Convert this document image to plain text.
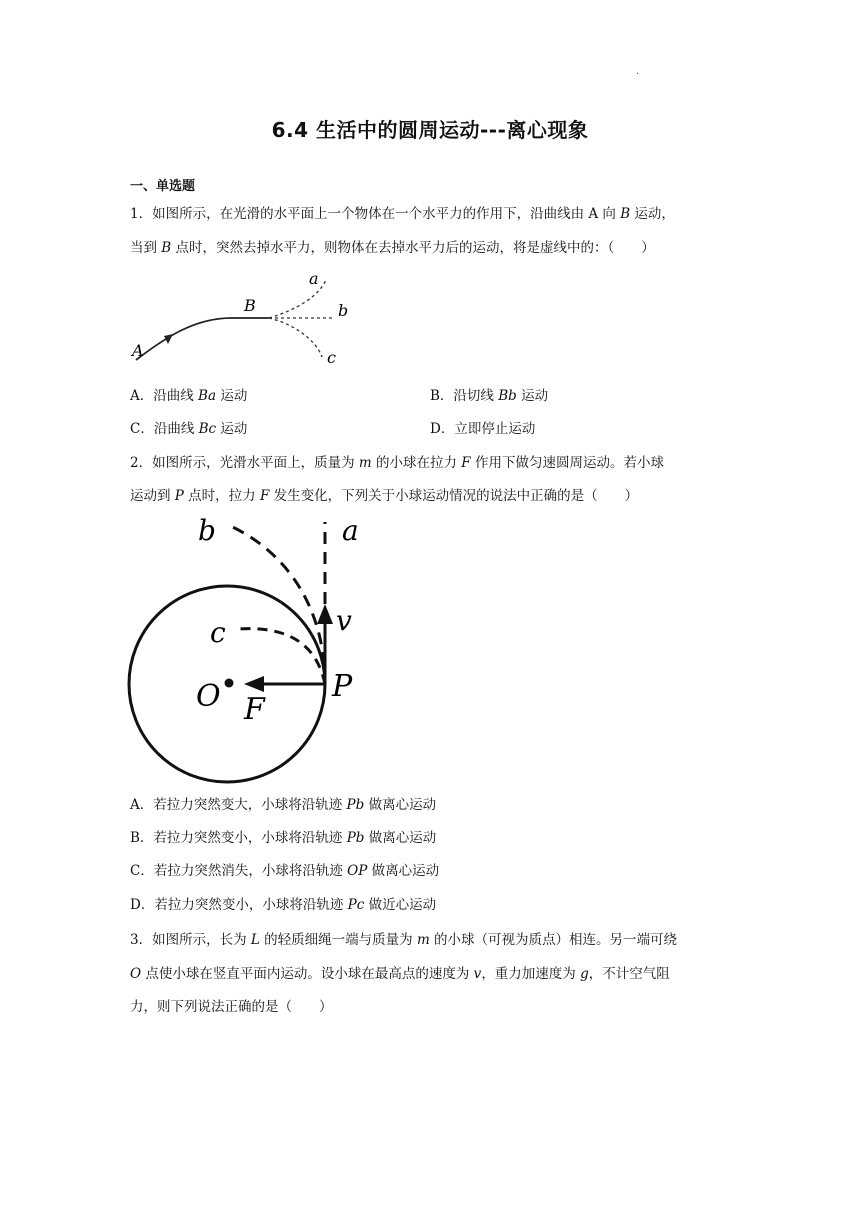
.
6.4 生活中的圆周运动---离心现象
一、单选题
1．如图所示，在光滑的水平面上一个物体在一个水平力的作用下，沿曲线由 A 向 B 运动，
当到 B 点时，突然去掉水平力，则物体在去掉水平力后的运动，将是虚线中的：（　　）
A
B
a
b
c
A．沿曲线 Ba 运动	B．沿切线 Bb 运动
C．沿曲线 Bc 运动	D．立即停止运动
2．如图所示，光滑水平面上，质量为 m 的小球在拉力 F 作用下做匀速圆周运动。若小球
运动到 P 点时，拉力 F 发生变化，下列关于小球运动情况的说法中正确的是（　　）
b	a
c	v
O F
P
A．若拉力突然变大，小球将沿轨迹 Pb 做离心运动
B．若拉力突然变小，小球将沿轨迹 Pb 做离心运动
C．若拉力突然消失，小球将沿轨迹 OP 做离心运动
D．若拉力突然变小，小球将沿轨迹 Pc 做近心运动
3．如图所示，长为 L 的轻质细绳一端与质量为 m 的小球（可视为质点）相连。另一端可绕
O 点使小球在竖直平面内运动。设小球在最高点的速度为 v，重力加速度为 g，不计空气阻
力，则下列说法正确的是（　　）
